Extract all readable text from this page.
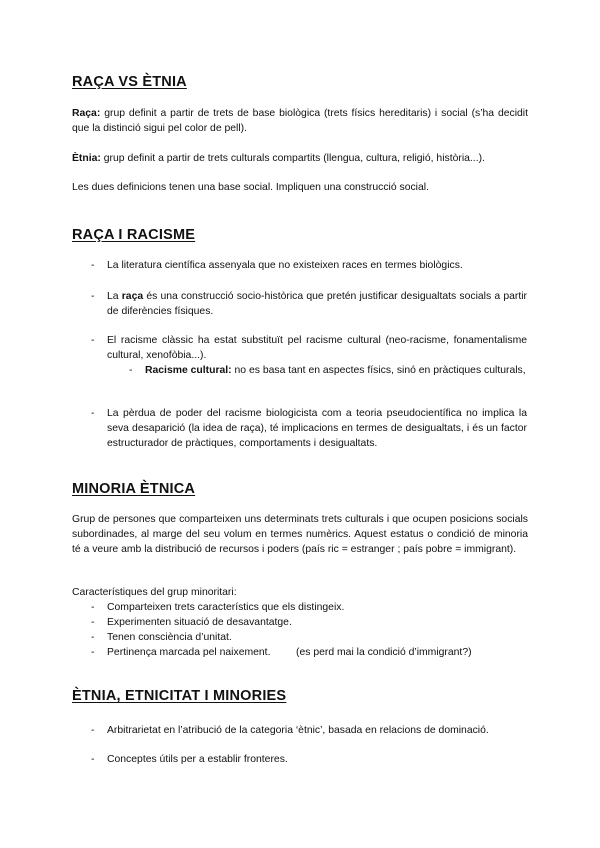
RAÇA VS ÈTNIA

Raça: grup definit a partir de trets de base biològica (trets físics hereditaris) i social (s’ha decidit que la distinció sigui pel color de pell).

Ètnia: grup definit a partir de trets culturals compartits (llengua, cultura, religió, història...).

Les dues definicions tenen una base social. Impliquen una construcció social.

RAÇA I RACISME
- La literatura científica assenyala que no existeixen races en termes biològics.
- La raça és una construcció socio-històrica que pretén justificar desigualtats socials a partir de diferències físiques.
- El racisme clàssic ha estat substituït pel racisme cultural (neo-racisme, fonamentalisme cultural, xenofòbia...).
- Racisme cultural: no es basa tant en aspectes físics, sinó en pràctiques culturals,
- La pèrdua de poder del racisme biologicista com a teoria pseudocientífica no implica la seva desaparició (la idea de raça), té implicacions en termes de desigualtats, i és un factor estructurador de pràctiques, comportaments i desigualtats.
MINORIA ÈTNICA

Grup de persones que comparteixen uns determinats trets culturals i que ocupen posicions socials subordinades, al marge del seu volum en termes numèrics. Aquest estatus o condició de minoria té a veure amb la distribució de recursos i poders (país ric = estranger ; país pobre = immigrant).

Característiques del grup minoritari:

- Comparteixen trets característics que els distingeix.
- Experimenten situació de desavantatge.
- Tenen consciència d’unitat.
- Pertinença marcada pel naixement.	(es perd mai la condició d’immigrant?)
ÈTNIA, ETNICITAT I MINORIES
- Arbitrarietat en l’atribució de la categoria ‘ètnic’, basada en relacions de dominació.
- Conceptes útils per a establir fronteres.
